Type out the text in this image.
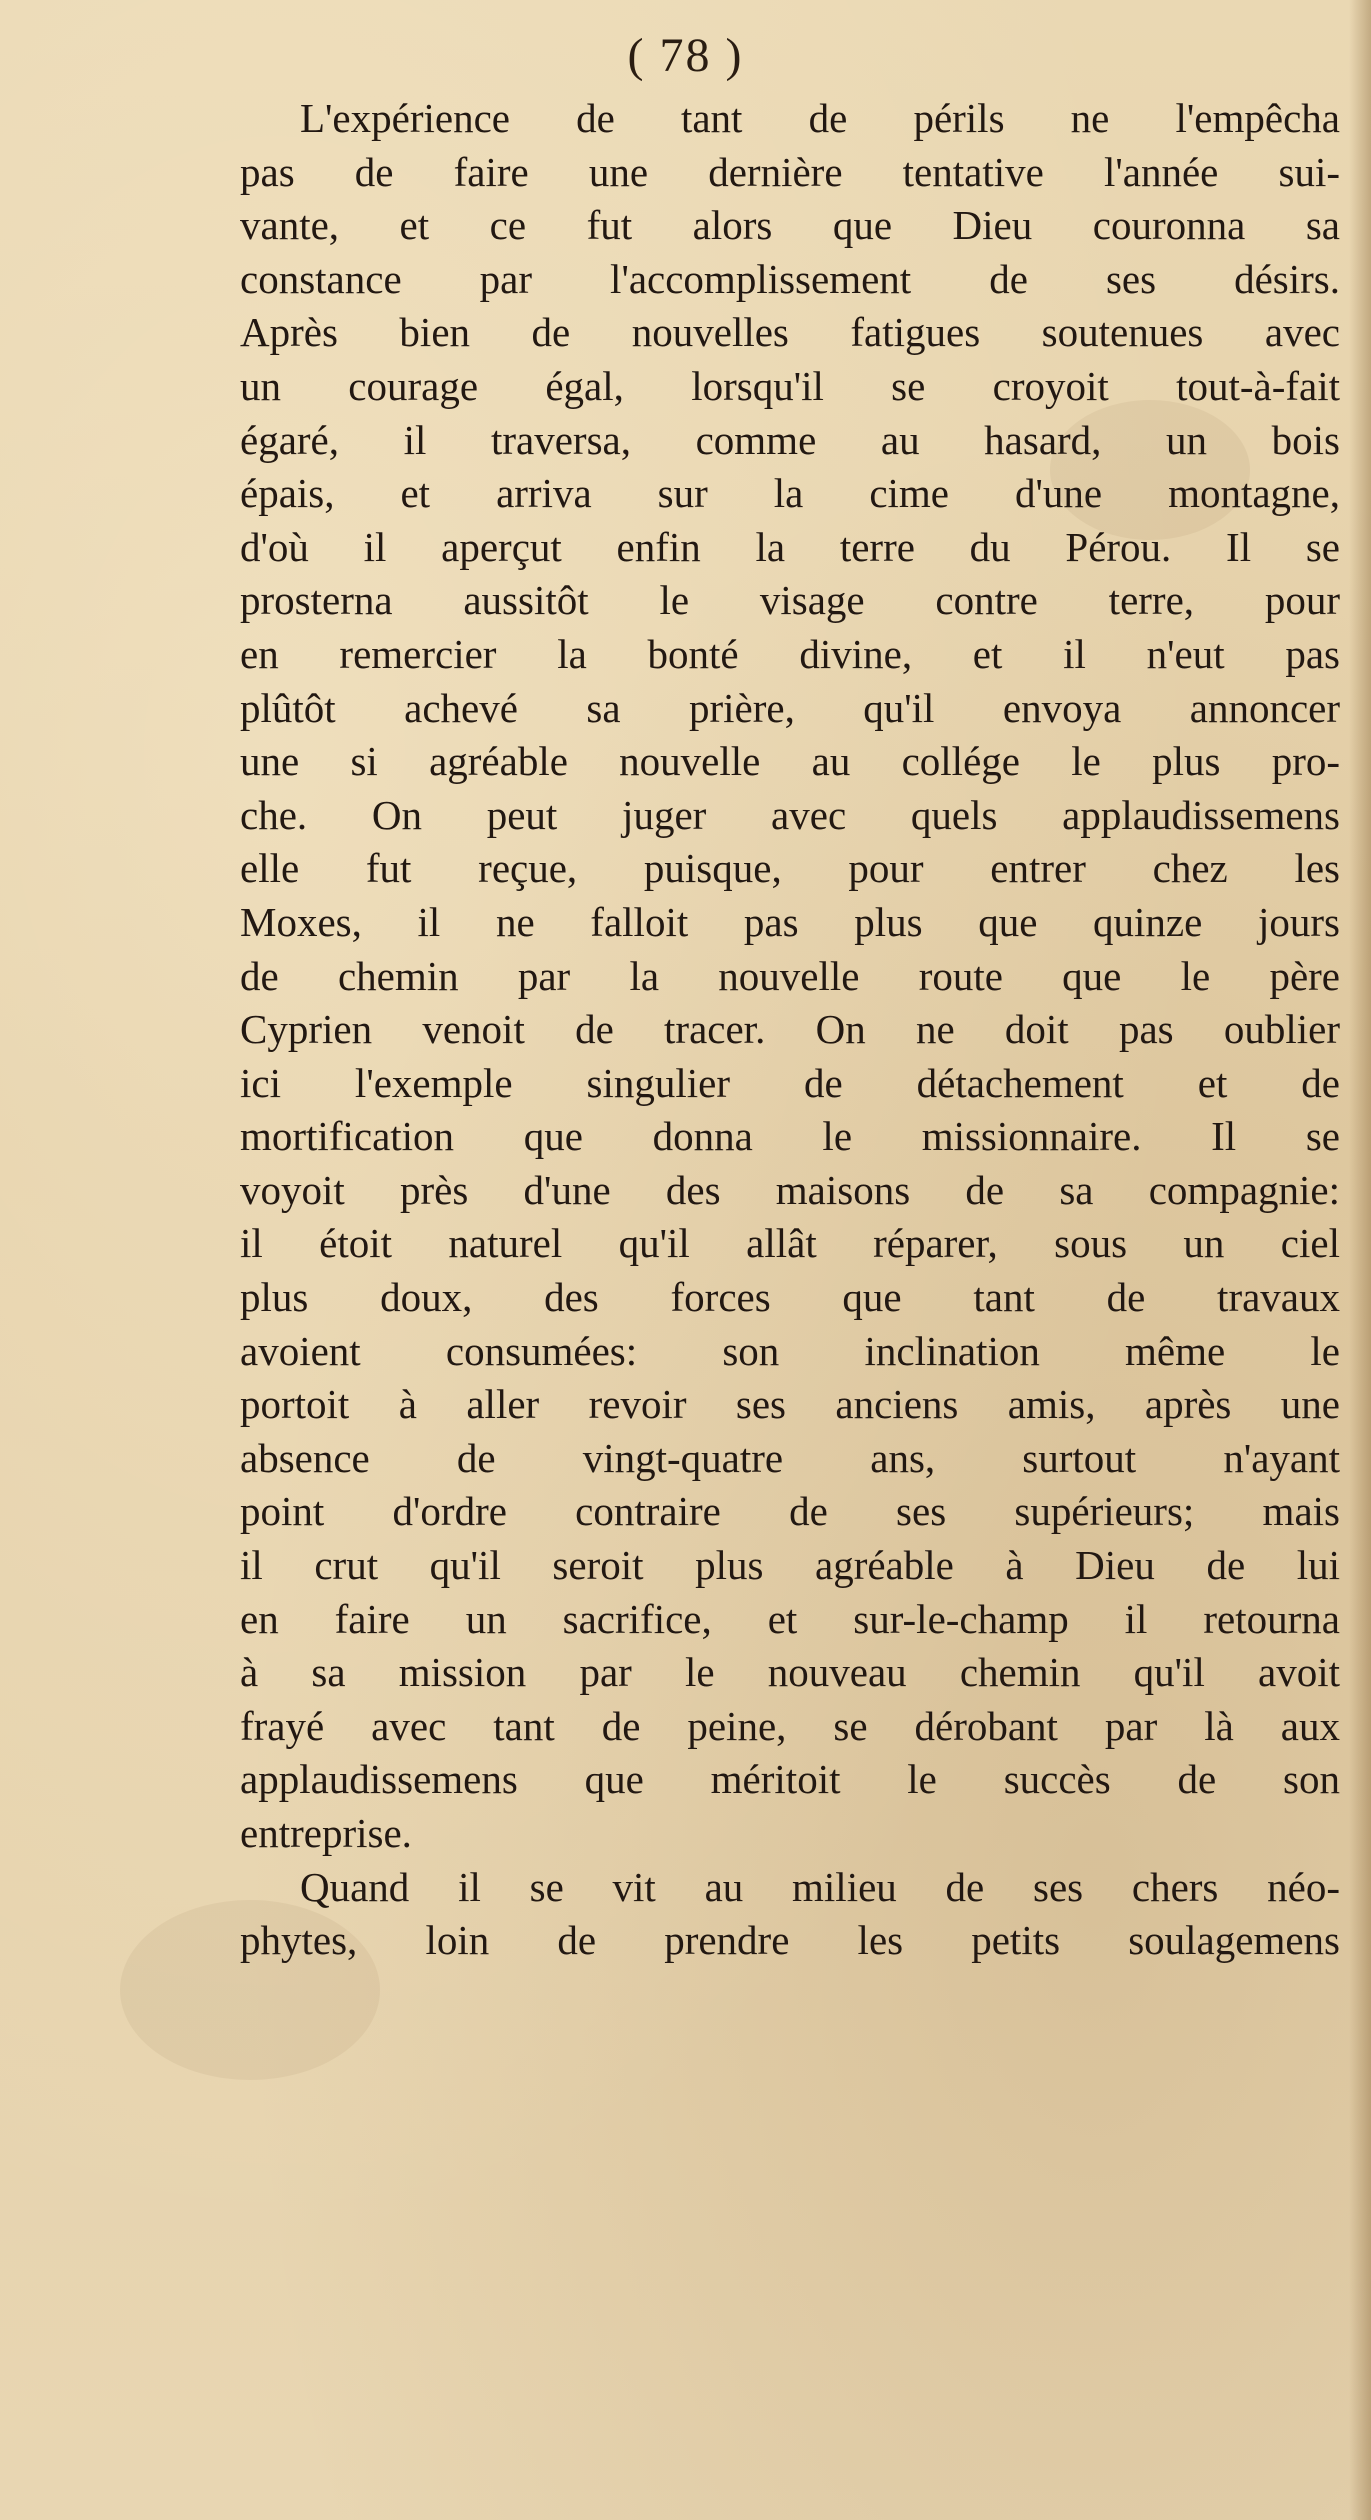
( 78 )
L'expérience de tant de périls ne l'empêcha
pas de faire une dernière tentative l'année sui-
vante, et ce fut alors que Dieu couronna sa
constance par l'accomplissement de ses désirs.
Après bien de nouvelles fatigues soutenues avec
un courage égal, lorsqu'il se croyoit tout-à-fait
égaré, il traversa, comme au hasard, un bois
épais, et arriva sur la cime d'une montagne,
d'où il aperçut enfin la terre du Pérou. Il se
prosterna aussitôt le visage contre terre, pour
en remercier la bonté divine, et il n'eut pas
plûtôt achevé sa prière, qu'il envoya annoncer
une si agréable nouvelle au collége le plus pro-
che. On peut juger avec quels applaudissemens
elle fut reçue, puisque, pour entrer chez les
Moxes, il ne falloit pas plus que quinze jours
de chemin par la nouvelle route que le père
Cyprien venoit de tracer. On ne doit pas oublier
ici l'exemple singulier de détachement et de
mortification que donna le missionnaire. Il se
voyoit près d'une des maisons de sa compagnie:
il étoit naturel qu'il allât réparer, sous un ciel
plus doux, des forces que tant de travaux
avoient consumées: son inclination même le
portoit à aller revoir ses anciens amis, après une
absence de vingt-quatre ans, surtout n'ayant
point d'ordre contraire de ses supérieurs; mais
il crut qu'il seroit plus agréable à Dieu de lui
en faire un sacrifice, et sur-le-champ il retourna
à sa mission par le nouveau chemin qu'il avoit
frayé avec tant de peine, se dérobant par là aux
applaudissemens que méritoit le succès de son
entreprise.
Quand il se vit au milieu de ses chers néo-
phytes, loin de prendre les petits soulagemens
